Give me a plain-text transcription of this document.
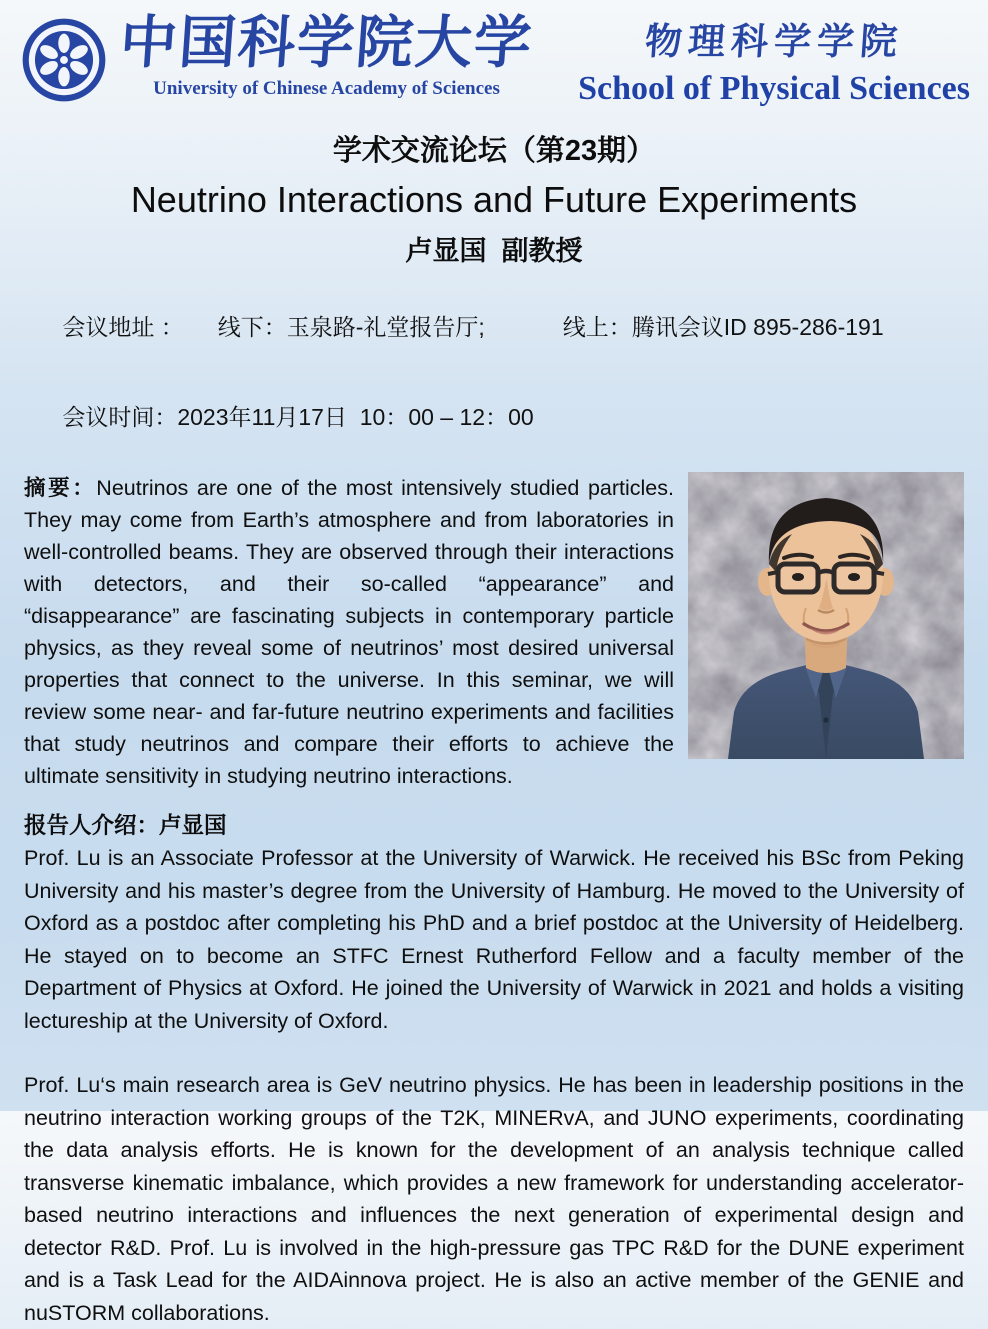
中国科学院大学
University of Chinese Academy of Sciences
物理科学学院
School of Physical Sciences
学术交流论坛（第23期）
Neutrino Interactions and Future Experiments
卢显国  副教授

会议地址 ： 线下：玉泉路-礼堂报告厅;	线上：腾讯会议ID 895-286-191

会议时间：2023年11月17日  10：00 – 12：00

摘要：Neutrinos are one of the most intensively studied particles. They may come from Earth’s atmosphere and from laboratories in well-controlled beams. They are observed through their interactions with detectors, and their so-called “appearance” and “disappearance” are fascinating subjects in contemporary particle physics, as they reveal some of neutrinos’ most desired universal properties that connect to the universe. In this seminar, we will review some near- and far-future neutrino experiments and facilities that study neutrinos and compare their efforts to achieve the ultimate sensitivity in studying neutrino interactions.
报告人介绍：卢显国

Prof. Lu is an Associate Professor at the University of Warwick. He received his BSc from Peking University and his master’s degree from the University of Hamburg. He moved to the University of Oxford as a postdoc after completing his PhD and a brief postdoc at the University of Heidelberg. He stayed on to become an STFC Ernest Rutherford Fellow and a faculty member of the Department of Physics at Oxford. He joined the University of Warwick in 2021 and holds a visiting lectureship at the University of Oxford.

Prof. Lu‘s main research area is GeV neutrino physics. He has been in leadership positions in the neutrino interaction working groups of the T2K, MINERvA, and JUNO experiments, coordinating the data analysis efforts. He is known for the development of an analysis technique called transverse kinematic imbalance, which provides a new framework for understanding accelerator-based neutrino interactions and influences the next generation of experimental design and detector R&D. Prof. Lu is involved in the high-pressure gas TPC R&D for the DUNE experiment and is a Task Lead for the AIDAinnova project. He is also an active member of the GENIE and nuSTORM collaborations.
